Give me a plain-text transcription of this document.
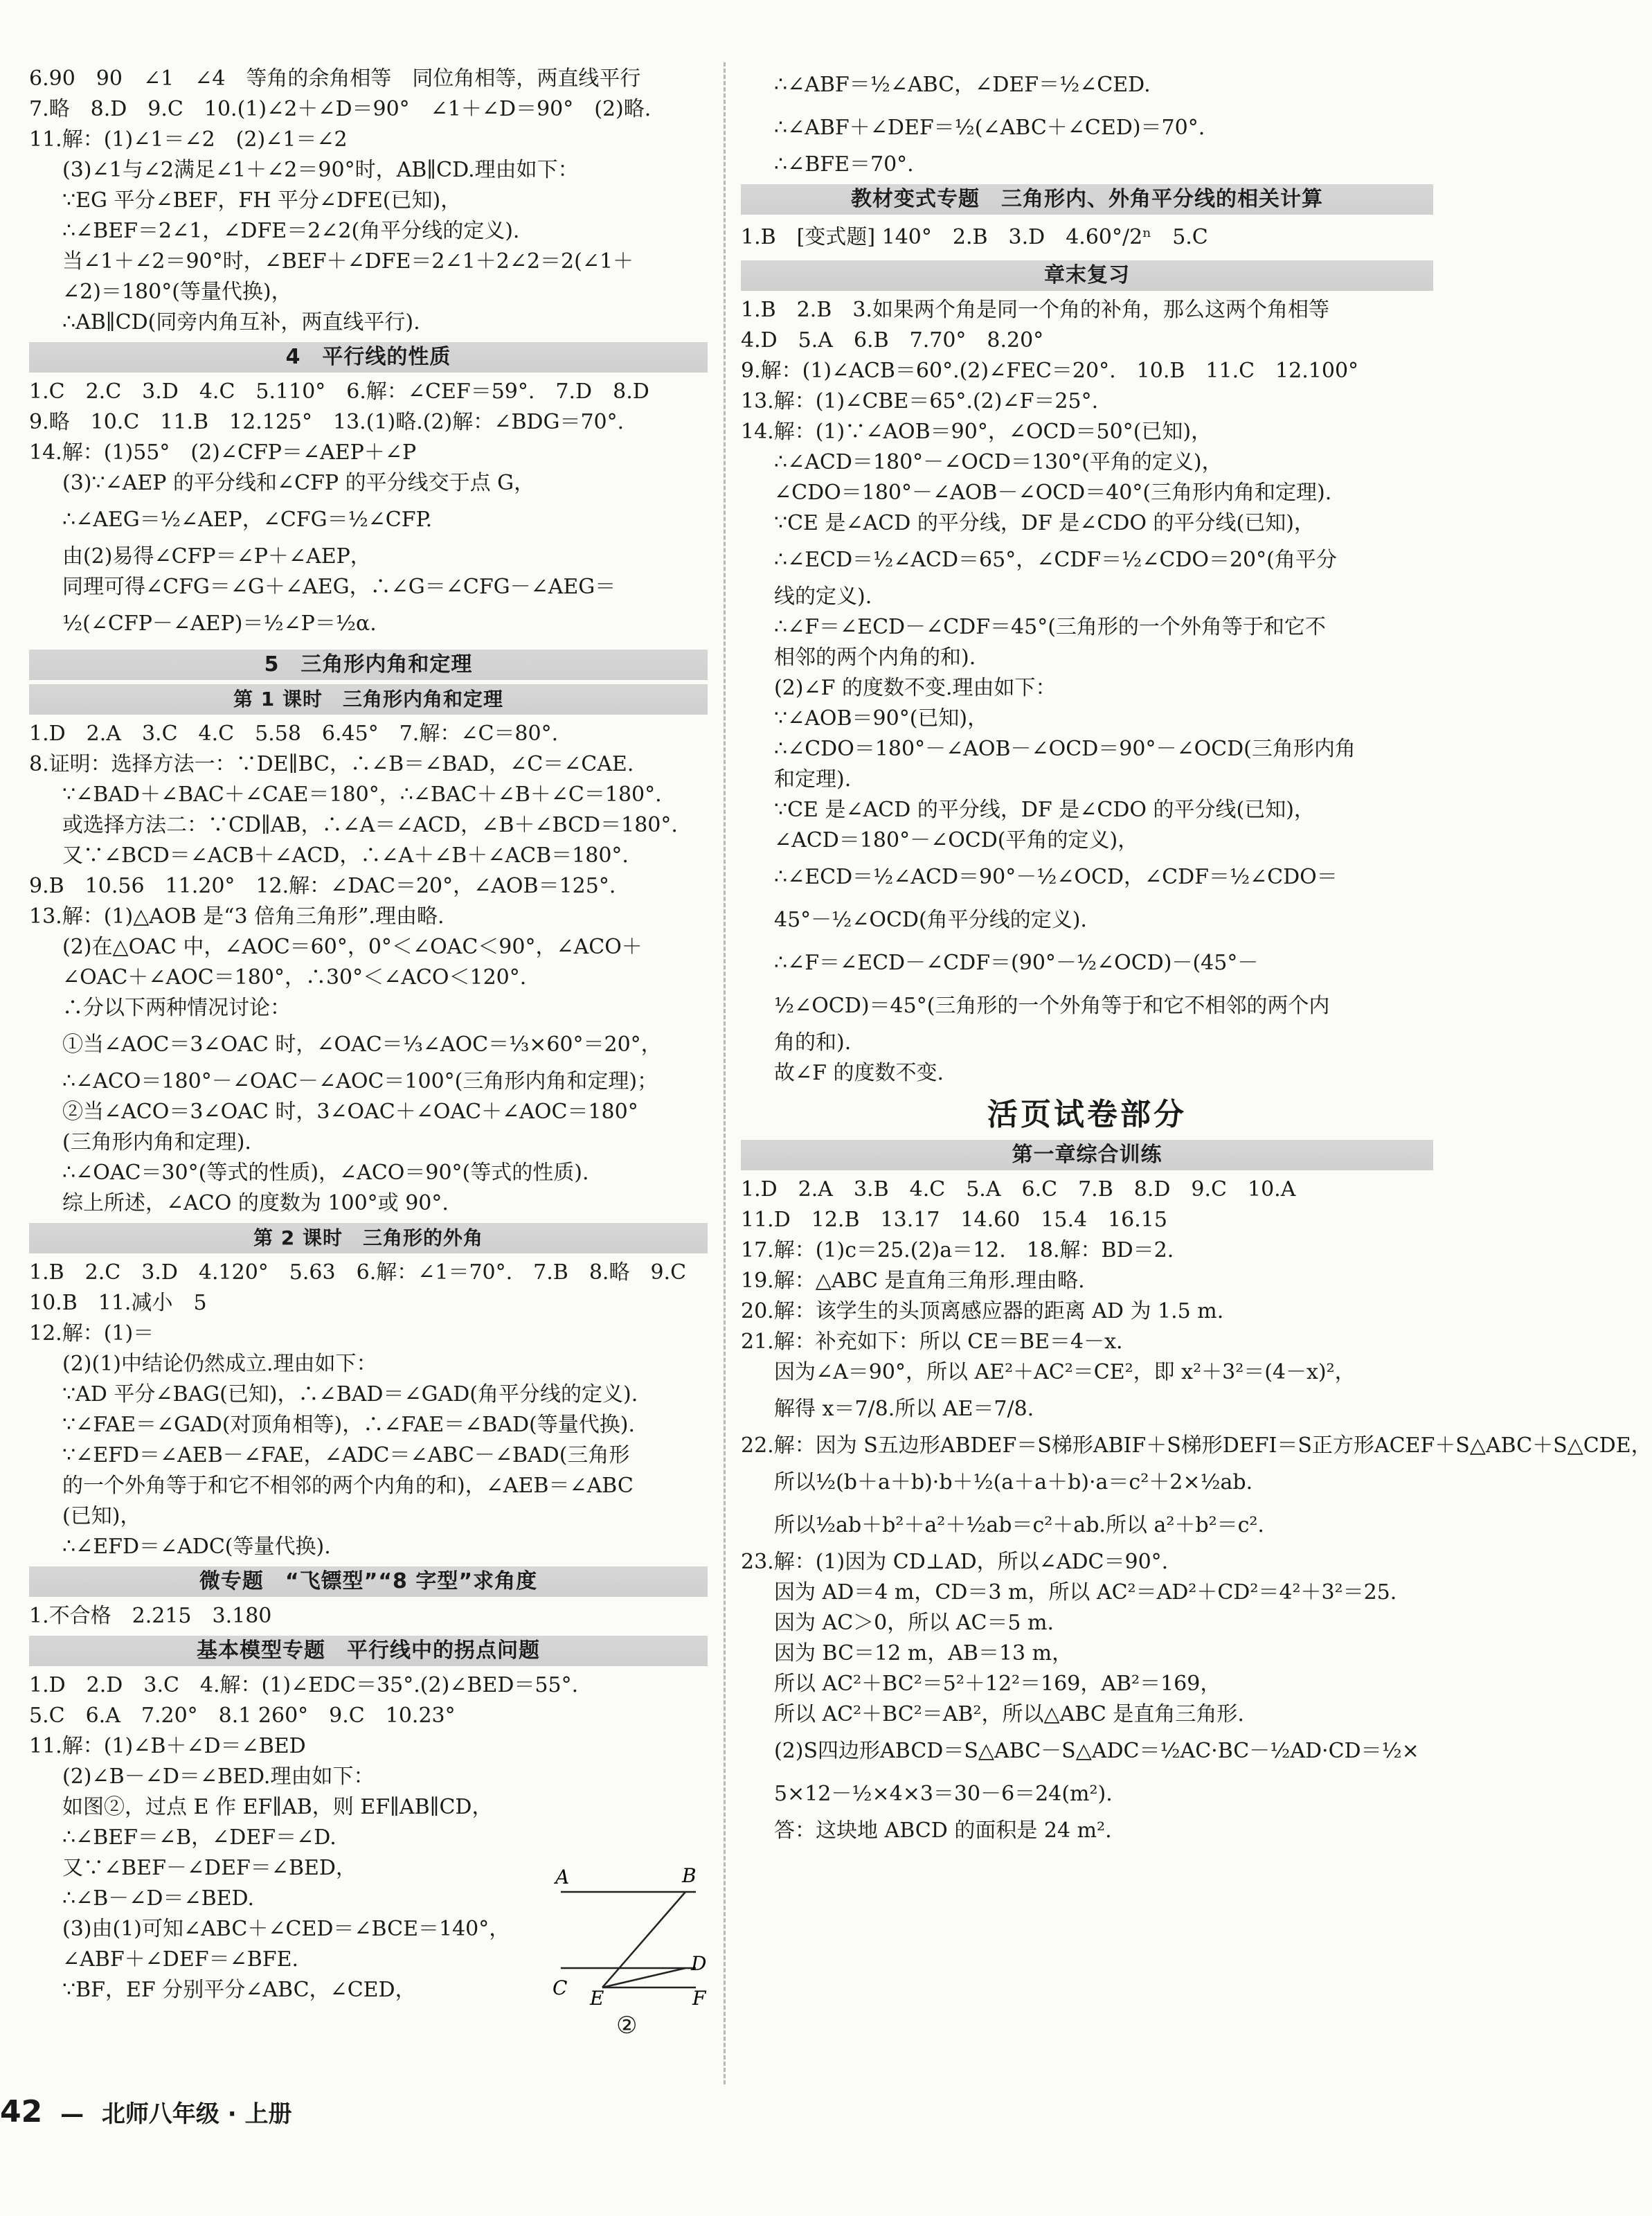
6.90　90　∠1　∠4　等角的余角相等　同位角相等，两直线平行
7.略　8.D　9.C　10.(1)∠2＋∠D＝90°　∠1＋∠D＝90°　(2)略.
11.解：(1)∠1＝∠2　(2)∠1＝∠2
(3)∠1与∠2满足∠1＋∠2＝90°时，AB∥CD.理由如下：
∵EG 平分∠BEF，FH 平分∠DFE(已知)，
∴∠BEF＝2∠1，∠DFE＝2∠2(角平分线的定义).
当∠1＋∠2＝90°时，∠BEF＋∠DFE＝2∠1＋2∠2＝2(∠1＋
∠2)＝180°(等量代换)，
∴AB∥CD(同旁内角互补，两直线平行).
4　平行线的性质
1.C　2.C　3.D　4.C　5.110°　6.解：∠CEF＝59°.　7.D　8.D
9.略　10.C　11.B　12.125°　13.(1)略.(2)解：∠BDG＝70°.
14.解：(1)55°　(2)∠CFP＝∠AEP＋∠P
(3)∵∠AEP 的平分线和∠CFP 的平分线交于点 G，
∴∠AEG＝½∠AEP，∠CFG＝½∠CFP.
由(2)易得∠CFP＝∠P＋∠AEP，
同理可得∠CFG＝∠G＋∠AEG，∴∠G＝∠CFG－∠AEG＝
½(∠CFP－∠AEP)＝½∠P＝½α.
5　三角形内角和定理
第 1 课时　三角形内角和定理
1.D　2.A　3.C　4.C　5.58　6.45°　7.解：∠C＝80°.
8.证明：选择方法一：∵DE∥BC，∴∠B＝∠BAD，∠C＝∠CAE.
∵∠BAD＋∠BAC＋∠CAE＝180°，∴∠BAC＋∠B＋∠C＝180°.
或选择方法二：∵CD∥AB，∴∠A＝∠ACD，∠B＋∠BCD＝180°.
又∵∠BCD＝∠ACB＋∠ACD，∴∠A＋∠B＋∠ACB＝180°.
9.B　10.56　11.20°　12.解：∠DAC＝20°，∠AOB＝125°.
13.解：(1)△AOB 是“3 倍角三角形”.理由略.
(2)在△OAC 中，∠AOC＝60°，0°＜∠OAC＜90°，∠ACO＋
∠OAC＋∠AOC＝180°，∴30°＜∠ACO＜120°.
∴分以下两种情况讨论：
①当∠AOC＝3∠OAC 时，∠OAC＝⅓∠AOC＝⅓×60°＝20°，
∴∠ACO＝180°－∠OAC－∠AOC＝100°(三角形内角和定理)；
②当∠ACO＝3∠OAC 时，3∠OAC＋∠OAC＋∠AOC＝180°
(三角形内角和定理).
∴∠OAC＝30°(等式的性质)，∠ACO＝90°(等式的性质).
综上所述，∠ACO 的度数为 100°或 90°.
第 2 课时　三角形的外角
1.B　2.C　3.D　4.120°　5.63　6.解：∠1＝70°.　7.B　8.略　9.C
10.B　11.减小　5
12.解：(1)＝
(2)(1)中结论仍然成立.理由如下：
∵AD 平分∠BAG(已知)，∴∠BAD＝∠GAD(角平分线的定义).
∵∠FAE＝∠GAD(对顶角相等)，∴∠FAE＝∠BAD(等量代换).
∵∠EFD＝∠AEB－∠FAE，∠ADC＝∠ABC－∠BAD(三角形
的一个外角等于和它不相邻的两个内角的和)，∠AEB＝∠ABC
(已知)，
∴∠EFD＝∠ADC(等量代换).
微专题　“飞镖型”“8 字型”求角度
1.不合格　2.215　3.180
基本模型专题　平行线中的拐点问题
1.D　2.D　3.C　4.解：(1)∠EDC＝35°.(2)∠BED＝55°.
5.C　6.A　7.20°　8.1 260°　9.C　10.23°
11.解：(1)∠B＋∠D＝∠BED
(2)∠B－∠D＝∠BED.理由如下：
如图②，过点 E 作 EF∥AB，则 EF∥AB∥CD，
∴∠BEF＝∠B，∠DEF＝∠D.
又∵∠BEF－∠DEF＝∠BED，
∴∠B－∠D＝∠BED.
(3)由(1)可知∠ABC＋∠CED＝∠BCE＝140°，
∠ABF＋∠DEF＝∠BFE.
∵BF，EF 分别平分∠ABC，∠CED，
∴∠ABF＝½∠ABC，∠DEF＝½∠CED.
∴∠ABF＋∠DEF＝½(∠ABC＋∠CED)＝70°.
∴∠BFE＝70°.
教材变式专题　三角形内、外角平分线的相关计算
1.B　[变式题] 140°　2.B　3.D　4.60°/2ⁿ　5.C
章末复习
1.B　2.B　3.如果两个角是同一个角的补角，那么这两个角相等
4.D　5.A　6.B　7.70°　8.20°
9.解：(1)∠ACB＝60°.(2)∠FEC＝20°.　10.B　11.C　12.100°
13.解：(1)∠CBE＝65°.(2)∠F＝25°.
14.解：(1)∵∠AOB＝90°，∠OCD＝50°(已知)，
∴∠ACD＝180°－∠OCD＝130°(平角的定义)，
∠CDO＝180°－∠AOB－∠OCD＝40°(三角形内角和定理).
∵CE 是∠ACD 的平分线，DF 是∠CDO 的平分线(已知)，
∴∠ECD＝½∠ACD＝65°，∠CDF＝½∠CDO＝20°(角平分
线的定义).
∴∠F＝∠ECD－∠CDF＝45°(三角形的一个外角等于和它不
相邻的两个内角的和).
(2)∠F 的度数不变.理由如下：
∵∠AOB＝90°(已知)，
∴∠CDO＝180°－∠AOB－∠OCD＝90°－∠OCD(三角形内角
和定理).
∵CE 是∠ACD 的平分线，DF 是∠CDO 的平分线(已知)，
∠ACD＝180°－∠OCD(平角的定义)，
∴∠ECD＝½∠ACD＝90°－½∠OCD，∠CDF＝½∠CDO＝
45°－½∠OCD(角平分线的定义).
∴∠F＝∠ECD－∠CDF＝(90°－½∠OCD)－(45°－
½∠OCD)＝45°(三角形的一个外角等于和它不相邻的两个内
角的和).
故∠F 的度数不变.
活页试卷部分
第一章综合训练
1.D　2.A　3.B　4.C　5.A　6.C　7.B　8.D　9.C　10.A
11.D　12.B　13.17　14.60　15.4　16.15
17.解：(1)c＝25.(2)a＝12.　18.解：BD＝2.
19.解：△ABC 是直角三角形.理由略.
20.解：该学生的头顶离感应器的距离 AD 为 1.5 m.
21.解：补充如下：所以 CE＝BE＝4－x.
因为∠A＝90°，所以 AE²＋AC²＝CE²，即 x²＋3²＝(4－x)²，
解得 x＝7/8.所以 AE＝7/8.
22.解：因为 S五边形ABDEF＝S梯形ABIF＋S梯形DEFI＝S正方形ACEF＋S△ABC＋S△CDE，
所以½(b＋a＋b)·b＋½(a＋a＋b)·a＝c²＋2×½ab.
所以½ab＋b²＋a²＋½ab＝c²＋ab.所以 a²＋b²＝c².
23.解：(1)因为 CD⊥AD，所以∠ADC＝90°.
因为 AD＝4 m，CD＝3 m，所以 AC²＝AD²＋CD²＝4²＋3²＝25.
因为 AC＞0，所以 AC＝5 m.
因为 BC＝12 m，AB＝13 m，
所以 AC²＋BC²＝5²＋12²＝169，AB²＝169，
所以 AC²＋BC²＝AB²，所以△ABC 是直角三角形.
(2)S四边形ABCD＝S△ABC－S△ADC＝½AC·BC－½AD·CD＝½×
5×12－½×4×3＝30－6＝24(m²).
答：这块地 ABCD 的面积是 24 m².
A	B
C
D
E	F
②
42 — 北师八年级 · 上册
